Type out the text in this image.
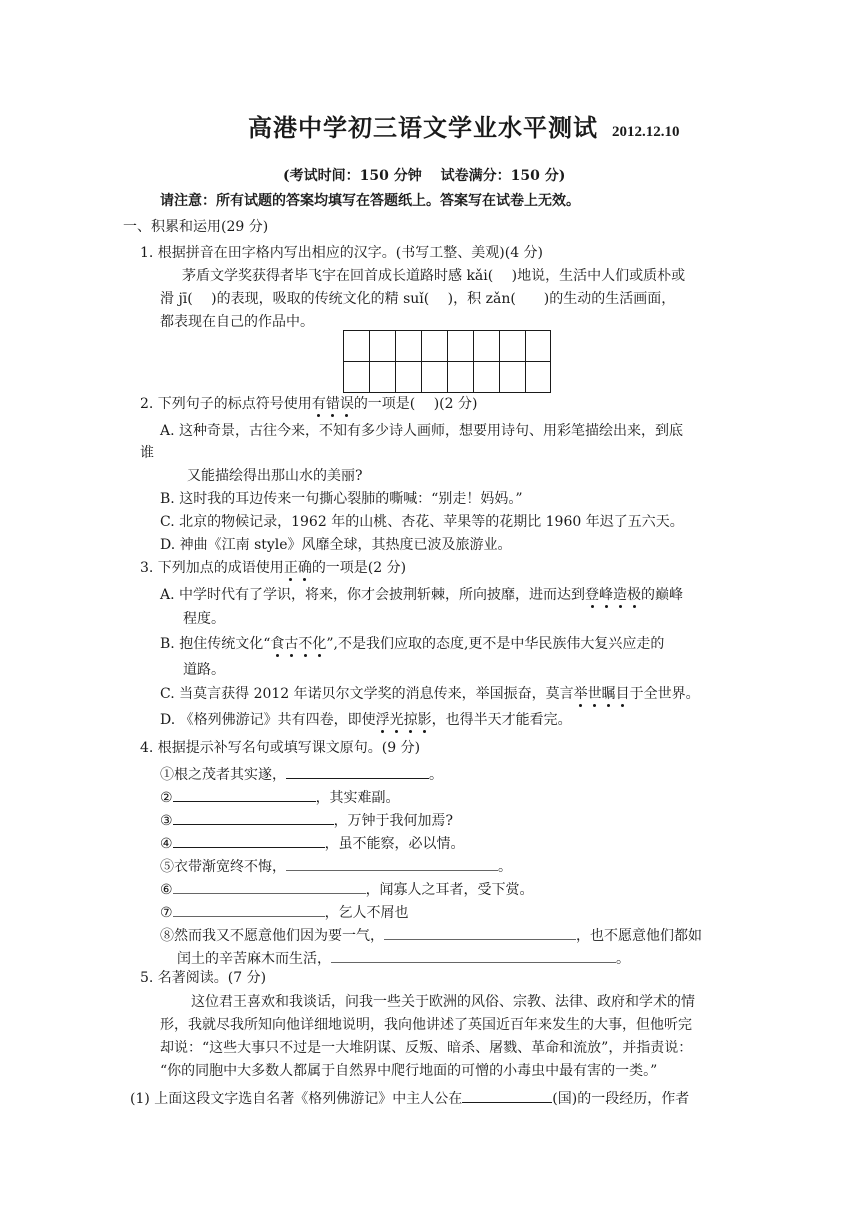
高港中学初三语文学业水平测试 2012.12.10
(考试时间：150 分钟　 试卷满分：150 分)
请注意：所有试题的答案均填写在答题纸上。答案写在试卷上无效。
一、积累和运用(29 分)
1. 根据拼音在田字格内写出相应的汉字。(书写工整、美观)(4 分)
茅盾文学奖获得者毕飞宇在回首成长道路时感 kǎi(　 )地说，生活中人们或质朴或
滑 jī(　 )的表现，吸取的传统文化的精 suǐ(　 )，积 zǎn(　　)的生动的生活画面，
都表现在自己的作品中。
2. 下列句子的标点符号使用有错误的一项是(　 )(2 分)
A. 这种奇景，古往今来，不知有多少诗人画师，想要用诗句、用彩笔描绘出来，到底
谁
又能描绘得出那山水的美丽?
B. 这时我的耳边传来一句撕心裂肺的嘶喊：“别走！妈妈。”
C. 北京的物候记录，1962 年的山桃、杏花、苹果等的花期比 1960 年迟了五六天。
D. 神曲《江南 style》风靡全球，其热度已波及旅游业。
3. 下列加点的成语使用正确的一项是(2 分)
A. 中学时代有了学识，将来，你才会披荆斩棘，所向披靡，进而达到登峰造极的巅峰
程度。
B. 抱住传统文化“食古不化”,不是我们应取的态度,更不是中华民族伟大复兴应走的
道路。
C. 当莫言获得 2012 年诺贝尔文学奖的消息传来，举国振奋，莫言举世瞩目于全世界。
D. 《格列佛游记》共有四卷，即使浮光掠影，也得半天才能看完。
4. 根据提示补写名句或填写课文原句。(9 分)
①根之茂者其实遂，	。
②	，其实难副。
③	，万钟于我何加焉?
④	，虽不能察，必以情。
⑤衣带渐宽终不悔，	。
⑥	，闻寡人之耳者，受下赏。
⑦	，乞人不屑也
⑧然而我又不愿意他们因为要一气，	，也不愿意他们都如
闰土的辛苦麻木而生活，	。
5. 名著阅读。(7 分)
这位君王喜欢和我谈话，问我一些关于欧洲的风俗、宗教、法律、政府和学术的情
形，我就尽我所知向他详细地说明，我向他讲述了英国近百年来发生的大事，但他听完
却说：“这些大事只不过是一大堆阴谋、反叛、暗杀、屠戮、革命和流放”，并指责说：
“你的同胞中大多数人都属于自然界中爬行地面的可憎的小毒虫中最有害的一类。”
(1) 上面这段文字选自名著《格列佛游记》中主人公在	(国)的一段经历，作者
